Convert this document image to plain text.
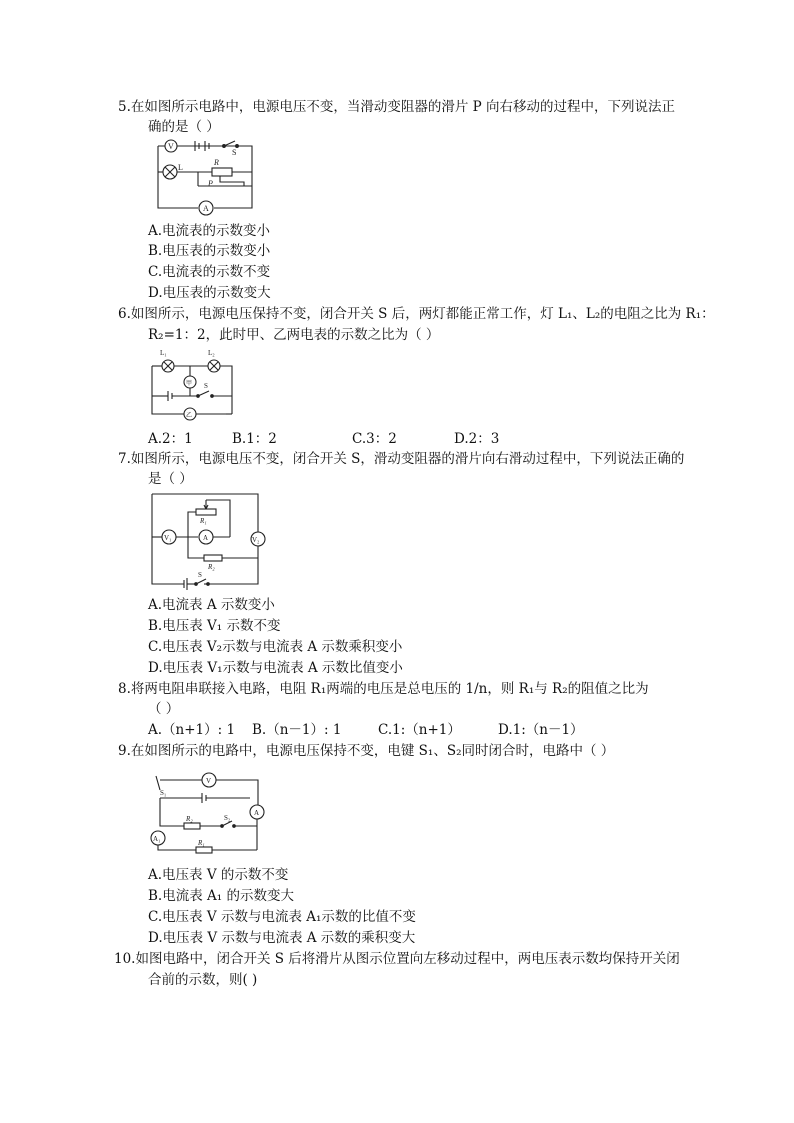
5.在如图所示电路中，电源电压不变，当滑动变阻器的滑片 P 向右移动的过程中，下列说法正
确的是（ ）
V
S
L
R
P
A
A.电流表的示数变小
B.电压表的示数变小
C.电流表的示数不变
D.电压表的示数变大
6.如图所示，电源电压保持不变，闭合开关 S 后，两灯都能正常工作，灯 L₁、L₂的电阻之比为 R₁：
R₂=1：2，此时甲、乙两电表的示数之比为（ ）
L₁	L₂
甲 S
乙
A.2：1	B.1：2	C.3：2	D.2：3
7.如图所示，电源电压不变，闭合开关 S，滑动变阻器的滑片向右滑动过程中，下列说法正确的
是（ ）
V₂
S
V₁
R₁
A
R₂
A.电流表 A 示数变小
B.电压表 V₁ 示数不变
C.电压表 V₂示数与电流表 A 示数乘积变小
D.电压表 V₁示数与电流表 A 示数比值变小
8.将两电阻串联接入电路，电阻 R₁两端的电压是总电压的 1/n，则 R₁与 R₂的阻值之比为
（ ）
A.（n+1）: 1 B.（n－1）: 1	C.1:（n+1）	D.1:（n－1）
9.在如图所示的电路中，电源电压保持不变，电键 S₁、S₂同时闭合时，电路中（ ）
V
S₁
A
R₂	S₂
A₁	R₁
A.电压表 V 的示数不变
B.电流表 A₁ 的示数变大
C.电压表 V 示数与电流表 A₁示数的比值不变
D.电压表 V 示数与电流表 A 示数的乘积变大
10.如图电路中，闭合开关 S 后将滑片从图示位置向左移动过程中，两电压表示数均保持开关闭
合前的示数，则( )
